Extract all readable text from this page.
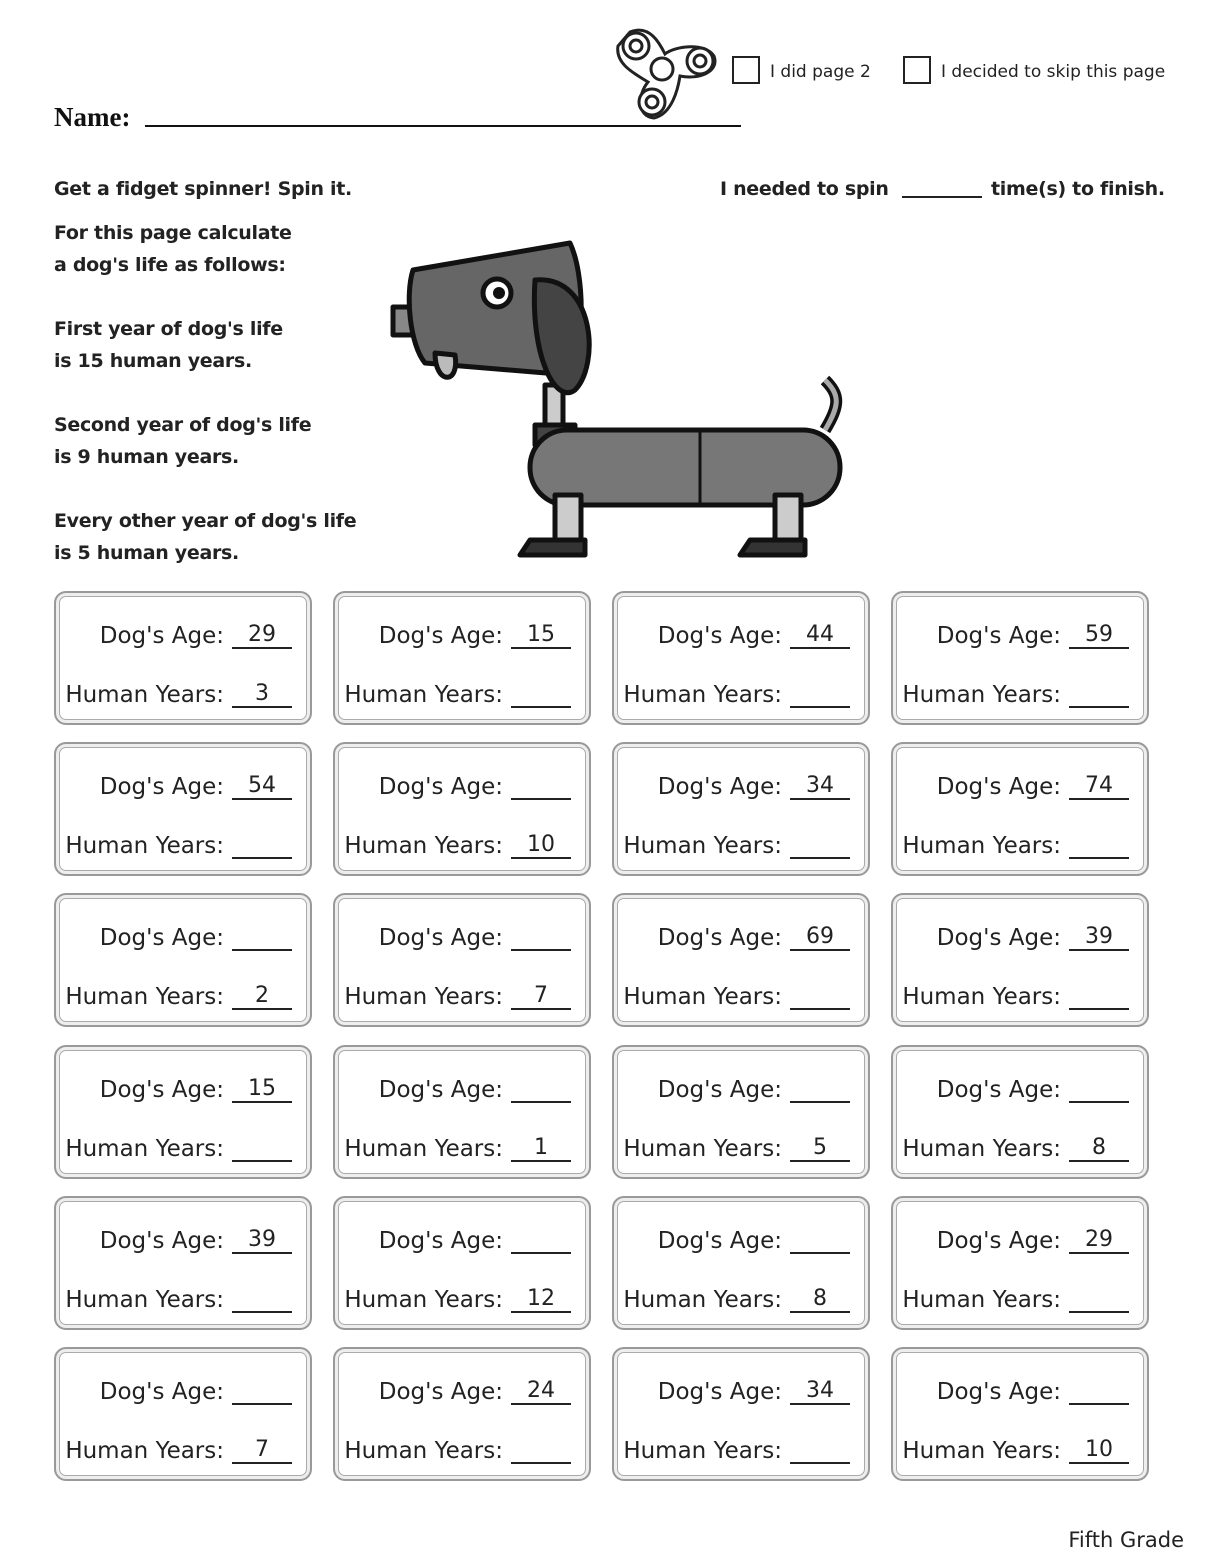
Name:
I did page 2	I decided to skip this page
Get a fidget spinner! Spin it.	I needed to spin	time(s) to finish.
For this page calculate
a dog's life as follows:
First year of dog's life
is 15 human years.
Second year of dog's life
is 9 human years.
Every other year of dog's life
is 5 human years.
Dog's Age:	29
Human Years:	3
Dog's Age:	15
Human Years:
Dog's Age:	44
Human Years:
Dog's Age:	59
Human Years:
Dog's Age:	54
Human Years:
Dog's Age:
Human Years:	10
Dog's Age:	34
Human Years:
Dog's Age:	74
Human Years:
Dog's Age:
Human Years:	2
Dog's Age:
Human Years:	7
Dog's Age:	69
Human Years:
Dog's Age:	39
Human Years:
Dog's Age:	15
Human Years:
Dog's Age:
Human Years:	1
Dog's Age:
Human Years:	5
Dog's Age:
Human Years:	8
Dog's Age:	39
Human Years:
Dog's Age:
Human Years:	12
Dog's Age:
Human Years:	8
Dog's Age:	29
Human Years:
Dog's Age:
Human Years:	7
Dog's Age:	24
Human Years:
Dog's Age:	34
Human Years:
Dog's Age:
Human Years:	10
Fifth Grade
